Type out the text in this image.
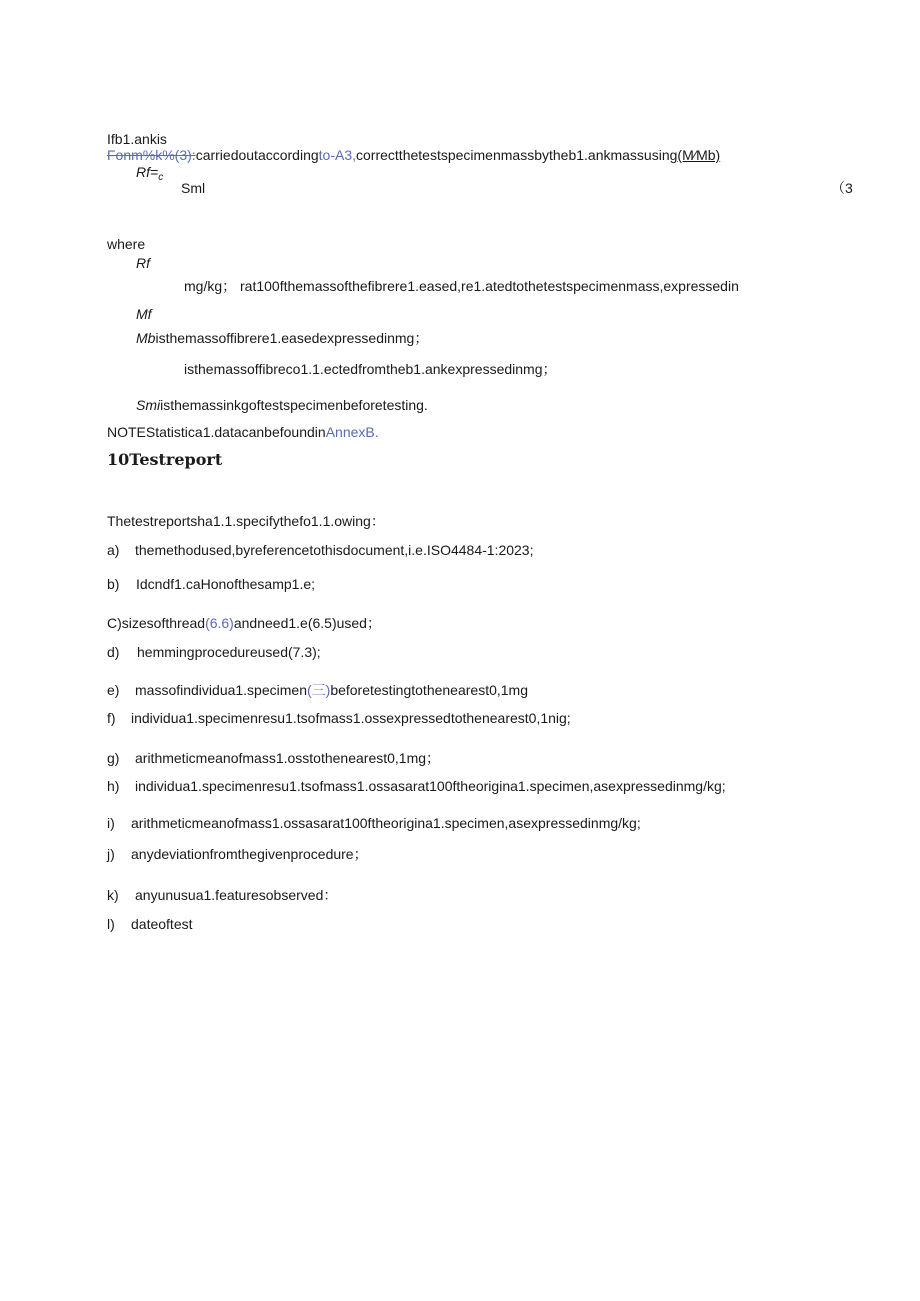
Ifb1.ankis
Fonm%k%(3):carriedoutaccordingto-A3,correctthetestspecimenmassbytheb1.ankmassusing(M⁄Mb)
$Rf=_c$
Sml	（3
where
Rf
mg/kg； rat100fthemassofthefibrere1.eased,re1.atedtothetestspecimenmass,expressedin
Mf
Mbisthemassoffibrere1.easedexpressedinmg；
isthemassoffibreco1.1.ectedfromtheb1.ankexpressedinmg；
Smiisthemassinkgoftestspecimenbeforetesting.
NOTEStatistica1.datacanbefoundinAnnexB.
10Testreport
Thetestreportsha1.1.specifythefo1.1.owing：
a) themethodused,byreferencetothisdocument,i.e.ISO4484-1:2023;
b) Idcndf1.caHonofthesamp1.e;
C)sizesofthread(6.6)andneed1.e(6.5)used；
d) hemmingprocedureused(7.3);
e) massofindividua1.specimen(三)beforetestingtothenearest0,1mg
f) individua1.specimenresu1.tsofmass1.ossexpressedtothenearest0,1nig;
g) arithmeticmeanofmass1.osstothenearest0,1mg；
h) individua1.specimenresu1.tsofmass1.ossasarat100ftheorigina1.specimen,asexpressedinmg/kg;
i) arithmeticmeanofmass1.ossasarat100ftheorigina1.specimen,asexpressedinmg/kg;
j) anydeviationfromthegivenprocedure；
k) anyunusua1.featuresobserved：
l) dateoftest
